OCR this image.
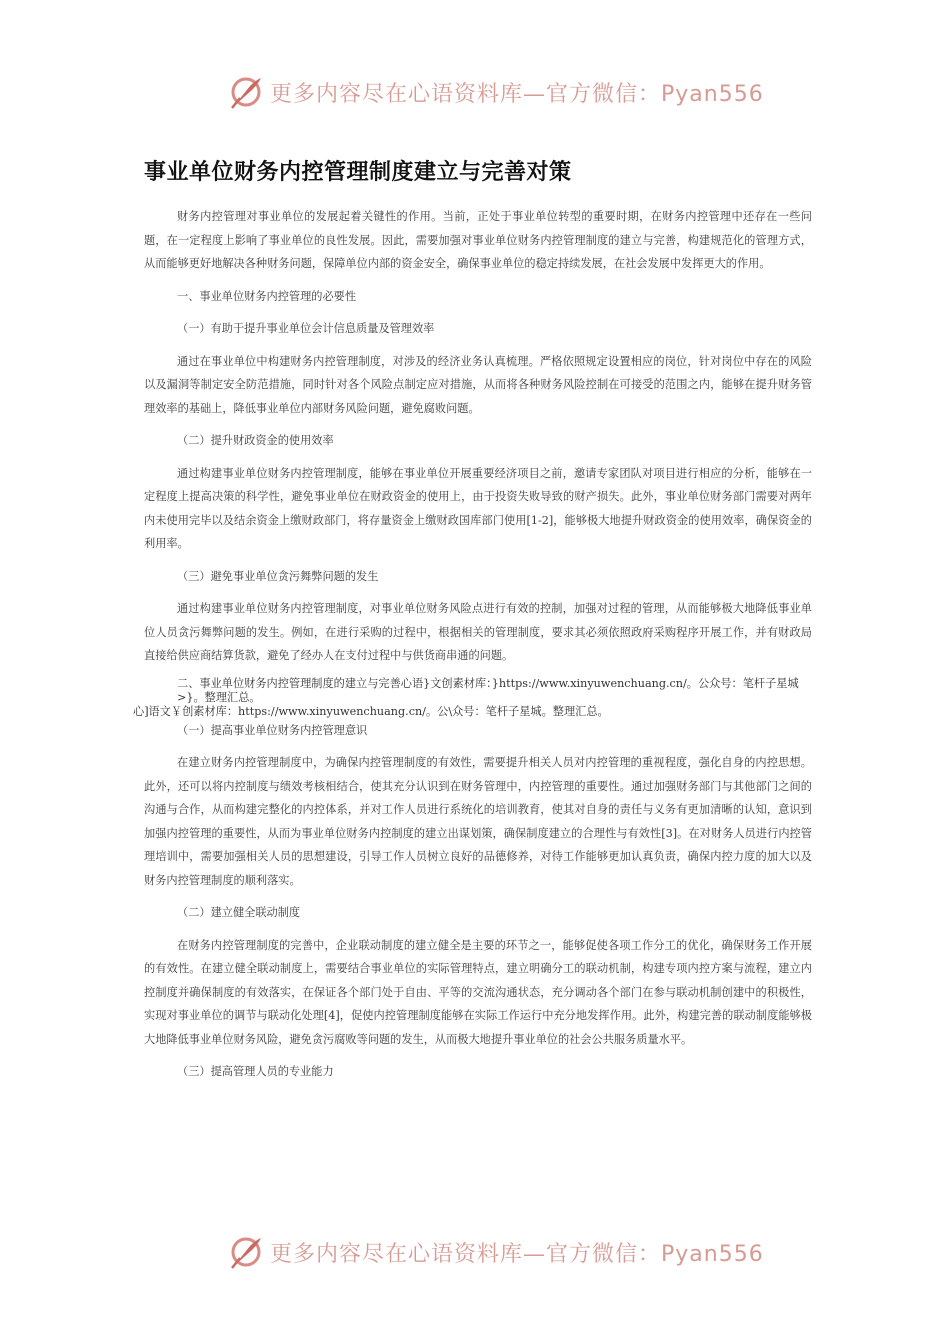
更多内容尽在心语资料库—官方微信：Pyan556
事业单位财务内控管理制度建立与完善对策

财务内控管理对事业单位的发展起着关键性的作用。当前，正处于事业单位转型的重要时期，在财务内控管理中还存在一些问题，在一定程度上影响了事业单位的良性发展。因此，需要加强对事业单位财务内控管理制度的建立与完善，构建规范化的管理方式，从而能够更好地解决各种财务问题，保障单位内部的资金安全，确保事业单位的稳定持续发展，在社会发展中发挥更大的作用。

一、事业单位财务内控管理的必要性

（一）有助于提升事业单位会计信息质量及管理效率

通过在事业单位中构建财务内控管理制度，对涉及的经济业务认真梳理。严格依照规定设置相应的岗位，针对岗位中存在的风险以及漏洞等制定安全防范措施，同时针对各个风险点制定应对措施，从而将各种财务风险控制在可接受的范围之内，能够在提升财务管理效率的基础上，降低事业单位内部财务风险问题，避免腐败问题。

（二）提升财政资金的使用效率

通过构建事业单位财务内控管理制度，能够在事业单位开展重要经济项目之前，邀请专家团队对项目进行相应的分析，能够在一定程度上提高决策的科学性，避免事业单位在财政资金的使用上，由于投资失败导致的财产损失。此外，事业单位财务部门需要对两年内未使用完毕以及结余资金上缴财政部门，将存量资金上缴财政国库部门使用[1-2]，能够极大地提升财政资金的使用效率，确保资金的利用率。

（三）避免事业单位贪污舞弊问题的发生

通过构建事业单位财务内控管理制度，对事业单位财务风险点进行有效的控制，加强对过程的管理，从而能够极大地降低事业单位人员贪污舞弊问题的发生。例如，在进行采购的过程中，根据相关的管理制度，要求其必须依照政府采购程序开展工作，并有财政局直接给供应商结算货款，避免了经办人在支付过程中与供货商串通的问题。

二、事业单位财务内控管理制度的建立与完善心语}文创素材库：}https://www.xinyuwenchuang.cn/。公众号：笔杆子星城>}。整理汇总。

心]语文￥创素材库：https://www.xinyuwenchuang.cn/。公\众号：笔杆子星城。整理汇总。

（一）提高事业单位财务内控管理意识

在建立财务内控管理制度中，为确保内控管理制度的有效性，需要提升相关人员对内控管理的重视程度，强化自身的内控思想。此外，还可以将内控制度与绩效考核相结合，使其充分认识到在财务管理中，内控管理的重要性。通过加强财务部门与其他部门之间的沟通与合作，从而构建完整化的内控体系，并对工作人员进行系统化的培训教育，使其对自身的责任与义务有更加清晰的认知，意识到加强内控管理的重要性，从而为事业单位财务内控制度的建立出谋划策，确保制度建立的合理性与有效性[3]。在对财务人员进行内控管理培训中，需要加强相关人员的思想建设，引导工作人员树立良好的品德修养，对待工作能够更加认真负责，确保内控力度的加大以及财务内控管理制度的顺利落实。

（二）建立健全联动制度

在财务内控管理制度的完善中，企业联动制度的建立健全是主要的环节之一，能够促使各项工作分工的优化，确保财务工作开展的有效性。在建立健全联动制度上，需要结合事业单位的实际管理特点，建立明确分工的联动机制，构建专项内控方案与流程，建立内控制度并确保制度的有效落实，在保证各个部门处于自由、平等的交流沟通状态，充分调动各个部门在参与联动机制创建中的积极性，实现对事业单位的调节与联动化处理[4]，促使内控管理制度能够在实际工作运行中充分地发挥作用。此外，构建完善的联动制度能够极大地降低事业单位财务风险，避免贪污腐败等问题的发生，从而极大地提升事业单位的社会公共服务质量水平。

（三）提高管理人员的专业能力

更多内容尽在心语资料库—官方微信：Pyan556
